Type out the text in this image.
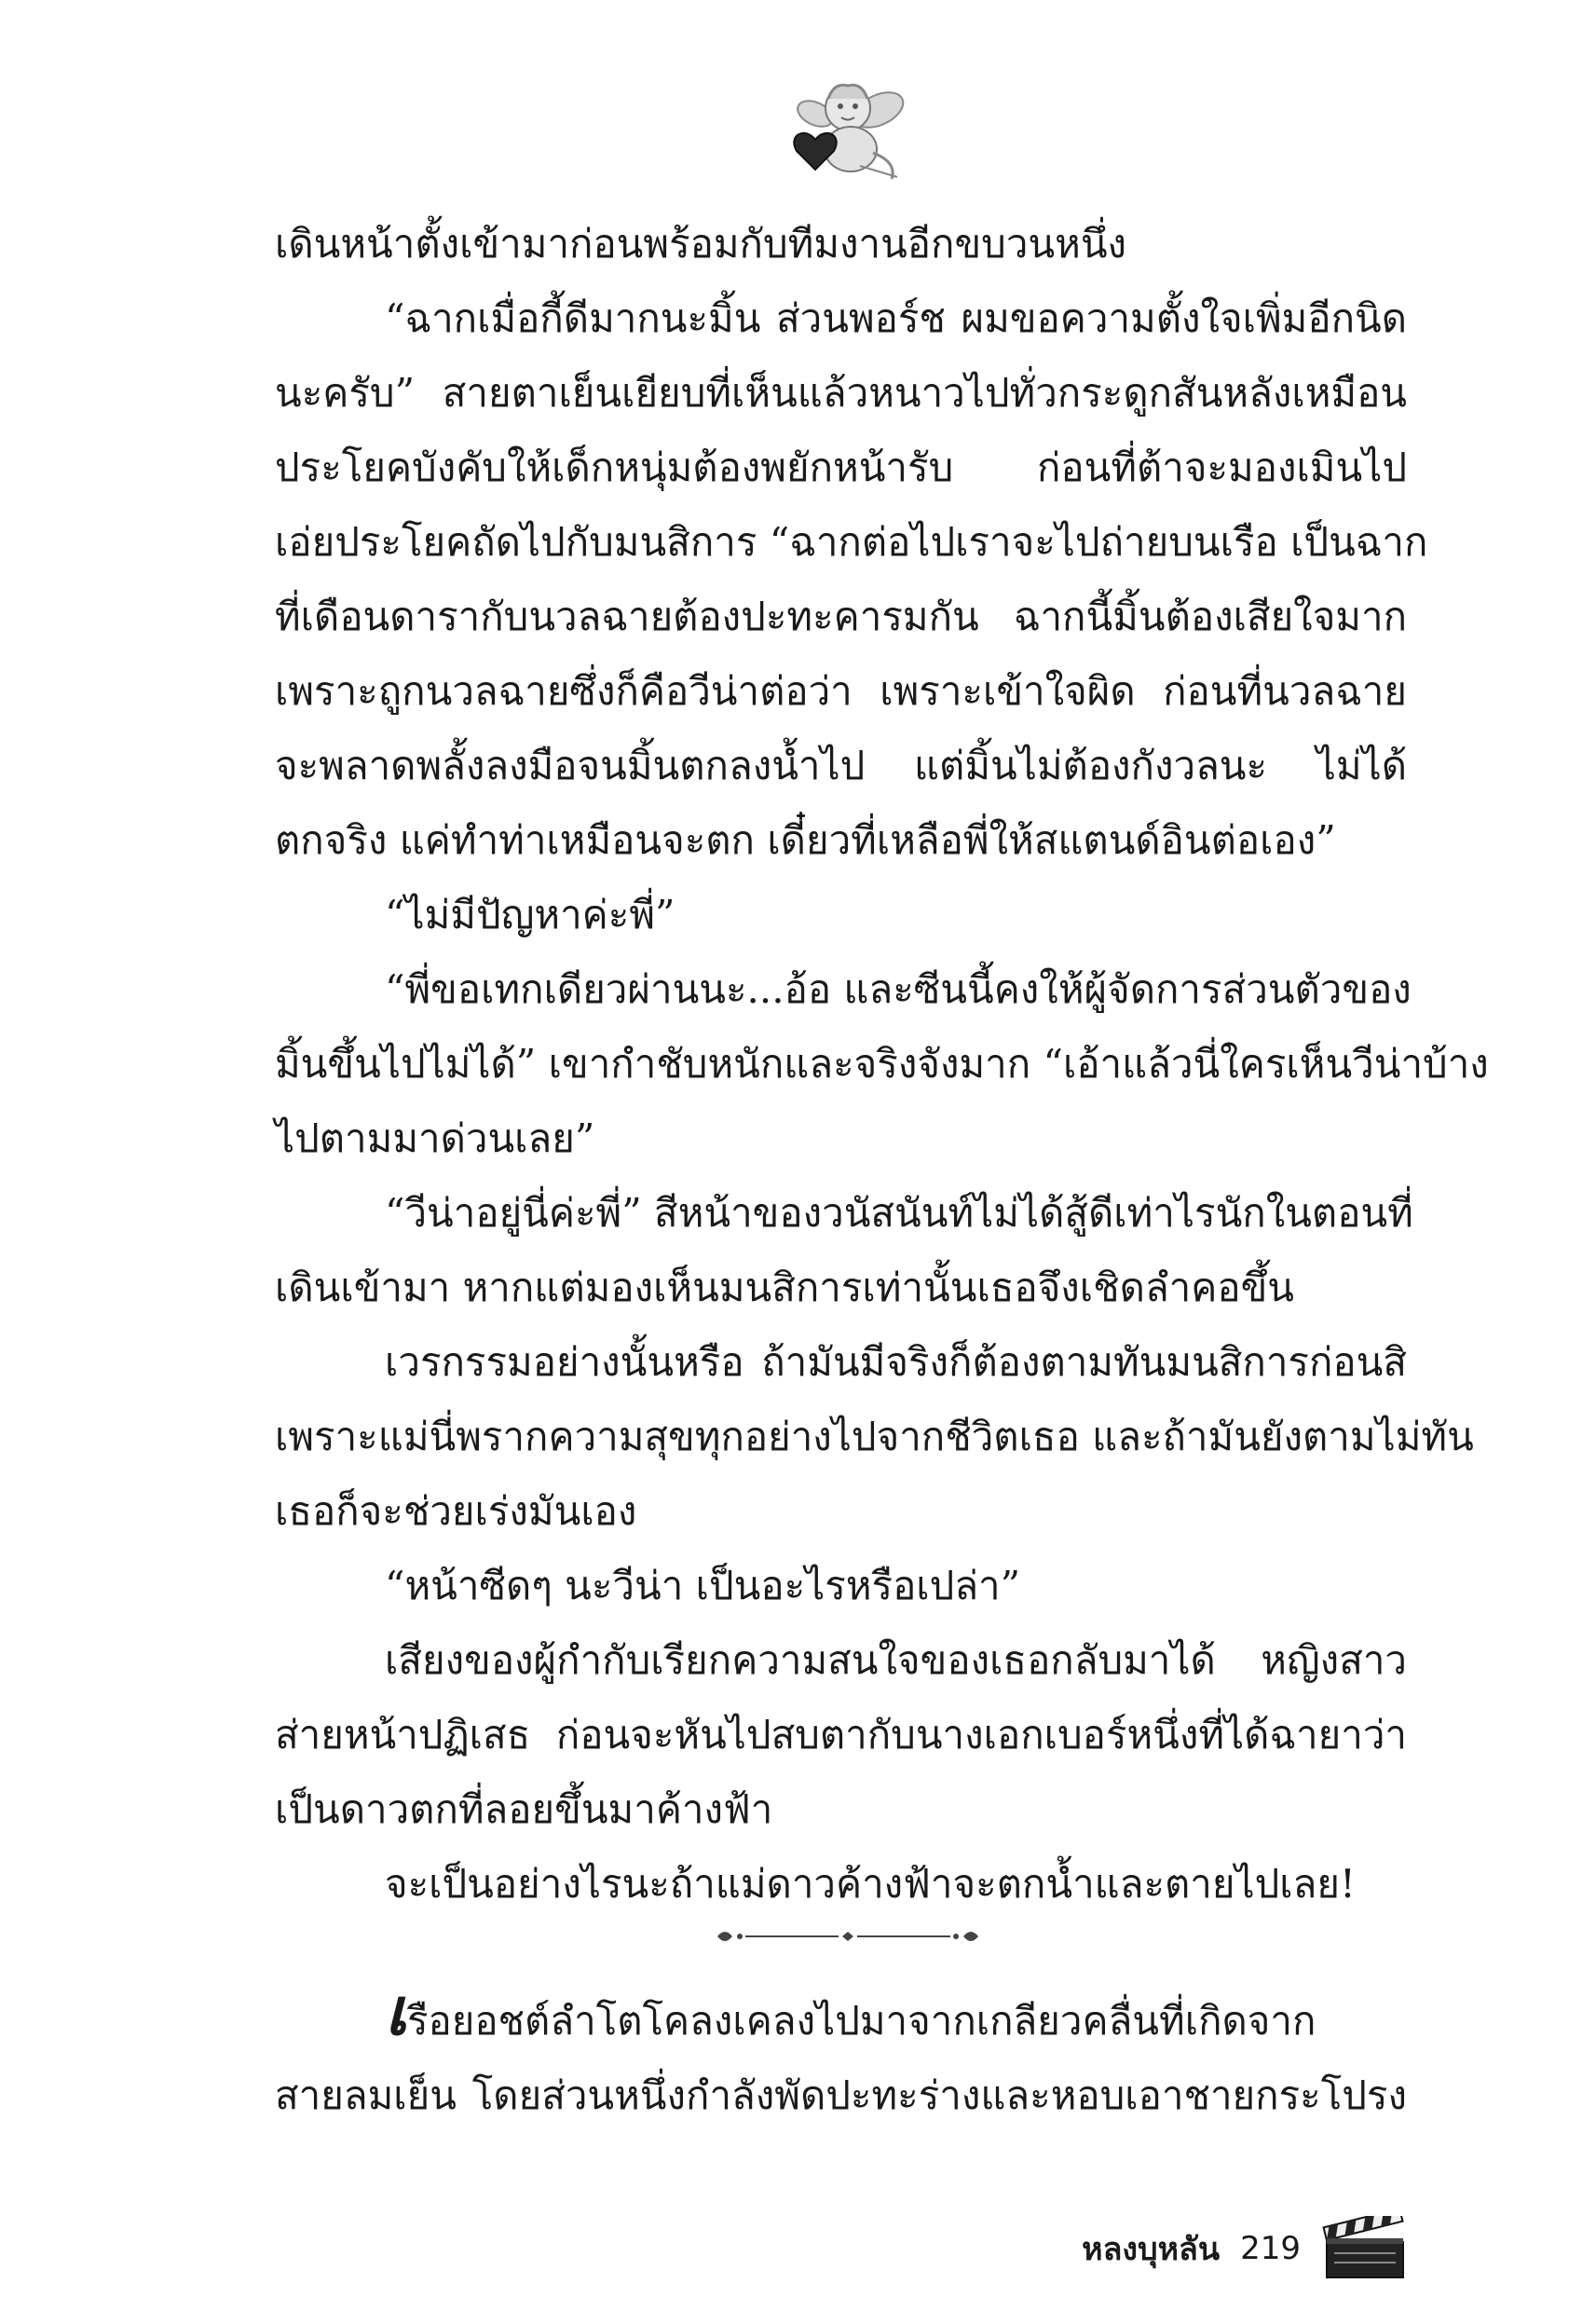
เดินหน้าตั้งเข้ามาก่อนพร้อมกับทีมงานอีกขบวนหนึ่ง
“ฉากเมื่อกี้ดีมากนะมิ้น ส่วนพอร์ช ผมขอความตั้งใจเพิ่มอีกนิด
นะครับ” สายตาเย็นเยียบที่เห็นแล้วหนาวไปทั่วกระดูกสันหลังเหมือน
ประโยคบังคับให้เด็กหนุ่มต้องพยักหน้ารับ ก่อนที่ต้าจะมองเมินไป
เอ่ยประโยคถัดไปกับมนสิการ “ฉากต่อไปเราจะไปถ่ายบนเรือ เป็นฉาก
ที่เดือนดารากับนวลฉายต้องปะทะคารมกัน ฉากนี้มิ้นต้องเสียใจมาก
เพราะถูกนวลฉายซึ่งก็คือวีน่าต่อว่า เพราะเข้าใจผิด ก่อนที่นวลฉาย
จะพลาดพลั้งลงมือจนมิ้นตกลงน้ำไป แต่มิ้นไม่ต้องกังวลนะ ไม่ได้
ตกจริง แค่ทำท่าเหมือนจะตก เดี๋ยวที่เหลือพี่ให้สแตนด์อินต่อเอง”
“ไม่มีปัญหาค่ะพี่”
“พี่ขอเทกเดียวผ่านนะ...อ้อ และซีนนี้คงให้ผู้จัดการส่วนตัวของ
มิ้นขึ้นไปไม่ได้” เขากำชับหนักและจริงจังมาก “เอ้าแล้วนี่ใครเห็นวีน่าบ้าง
ไปตามมาด่วนเลย”
“วีน่าอยู่นี่ค่ะพี่” สีหน้าของวนัสนันท์ไม่ได้สู้ดีเท่าไรนักในตอนที่
เดินเข้ามา หากแต่มองเห็นมนสิการเท่านั้นเธอจึงเชิดลำคอขึ้น
เวรกรรมอย่างนั้นหรือ ถ้ามันมีจริงก็ต้องตามทันมนสิการก่อนสิ
เพราะแม่นี่พรากความสุขทุกอย่างไปจากชีวิตเธอ และถ้ามันยังตามไม่ทัน
เธอก็จะช่วยเร่งมันเอง
“หน้าซีดๆ นะวีน่า เป็นอะไรหรือเปล่า”
เสียงของผู้กำกับเรียกความสนใจของเธอกลับมาได้ หญิงสาว
ส่ายหน้าปฏิเสธ ก่อนจะหันไปสบตากับนางเอกเบอร์หนึ่งที่ได้ฉายาว่า
เป็นดาวตกที่ลอยขึ้นมาค้างฟ้า
จะเป็นอย่างไรนะถ้าแม่ดาวค้างฟ้าจะตกน้ำและตายไปเลย!
เรือยอชต์ลำโตโคลงเคลงไปมาจากเกลียวคลื่นที่เกิดจาก
สายลมเย็น โดยส่วนหนึ่งกำลังพัดปะทะร่างและหอบเอาชายกระโปรง
หลงบุหลัน 219
